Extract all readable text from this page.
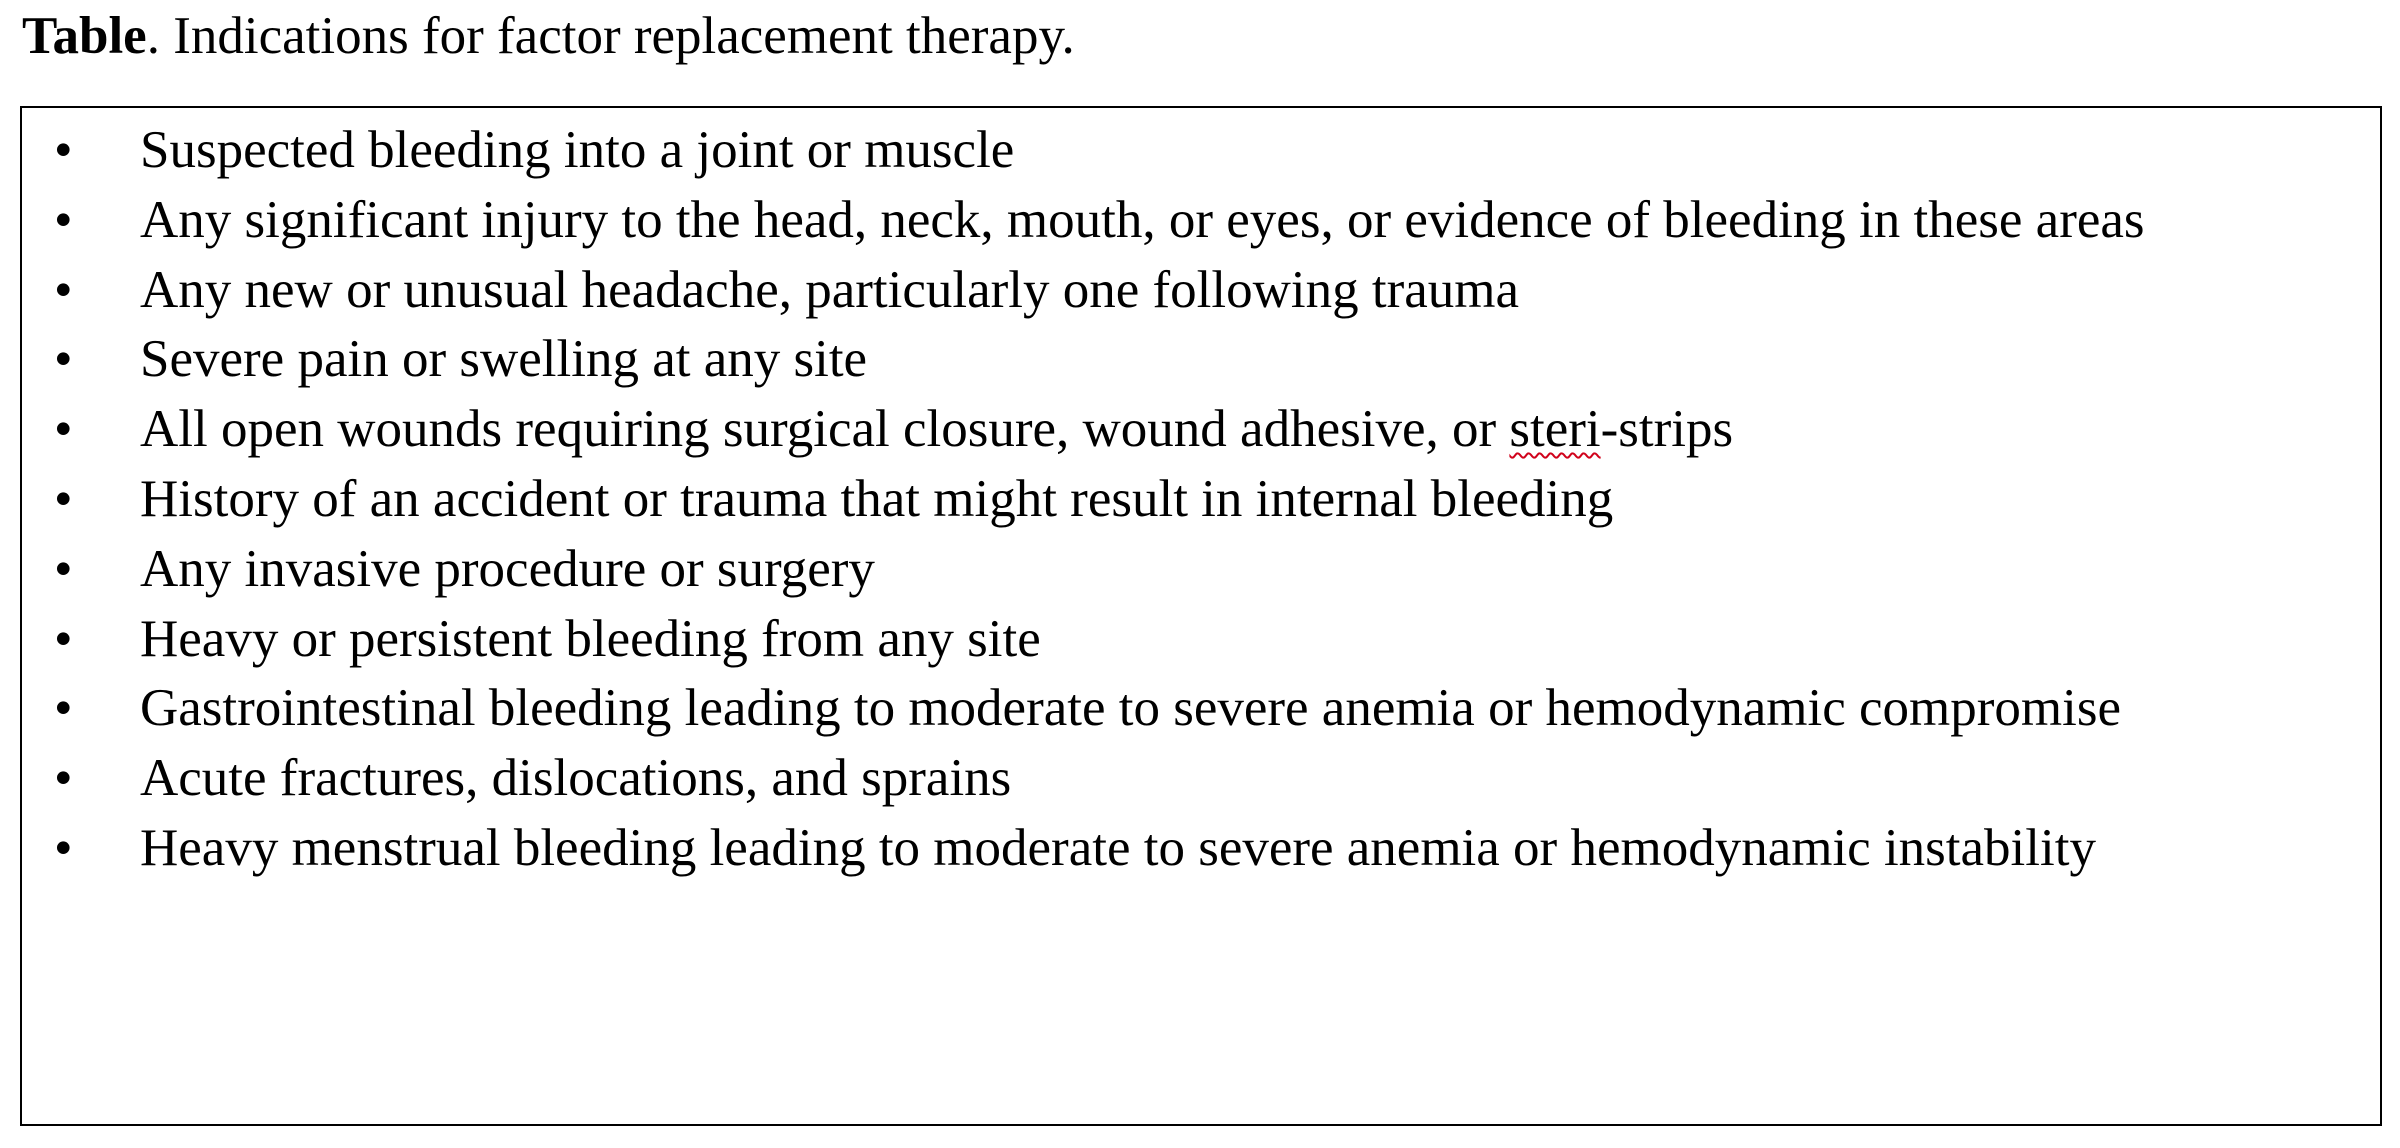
Table. Indications for factor replacement therapy.
•	Suspected bleeding into a joint or muscle
•	Any significant injury to the head, neck, mouth, or eyes, or evidence of bleeding in these areas
•	Any new or unusual headache, particularly one following trauma
•	Severe pain or swelling at any site
•	All open wounds requiring surgical closure, wound adhesive, or steri-strips
•	History of an accident or trauma that might result in internal bleeding
•	Any invasive procedure or surgery
•	Heavy or persistent bleeding from any site
•	Gastrointestinal bleeding leading to moderate to severe anemia or hemodynamic compromise
•	Acute fractures, dislocations, and sprains
•	Heavy menstrual bleeding leading to moderate to severe anemia or hemodynamic instability
